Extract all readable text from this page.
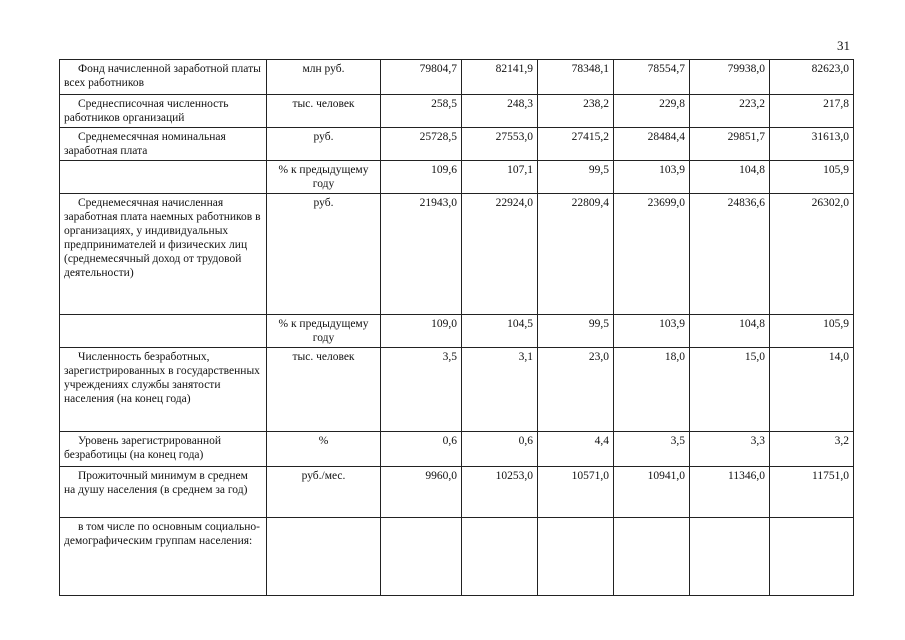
31
Фонд начисленной заработной платы всех работников	млн руб.	79804,7	82141,9	78348,1	78554,7	79938,0	82623,0
Среднесписочная численность работников организаций	тыс. человек	258,5	248,3	238,2	229,8	223,2	217,8
Среднемесячная номинальная заработная плата	руб.	25728,5	27553,0	27415,2	28484,4	29851,7	31613,0
	% к предыдущему году	109,6	107,1	99,5	103,9	104,8	105,9
Среднемесячная начисленная заработная плата наемных работников в организациях, у индивидуальных предпринимателей и физических лиц (среднемесячный доход от трудовой деятельности)	руб.	21943,0	22924,0	22809,4	23699,0	24836,6	26302,0
	% к предыдущему году	109,0	104,5	99,5	103,9	104,8	105,9
Численность безработных, зарегистрированных в государственных учреждениях службы занятости населения (на конец года)	тыс. человек	3,5	3,1	23,0	18,0	15,0	14,0
Уровень зарегистрированной безработицы (на конец года)	%	0,6	0,6	4,4	3,5	3,3	3,2
Прожиточный минимум в среднем на душу населения (в среднем за год)	руб./мес.	9960,0	10253,0	10571,0	10941,0	11346,0	11751,0
в том числе по основным социально-демографическим группам населения:							
